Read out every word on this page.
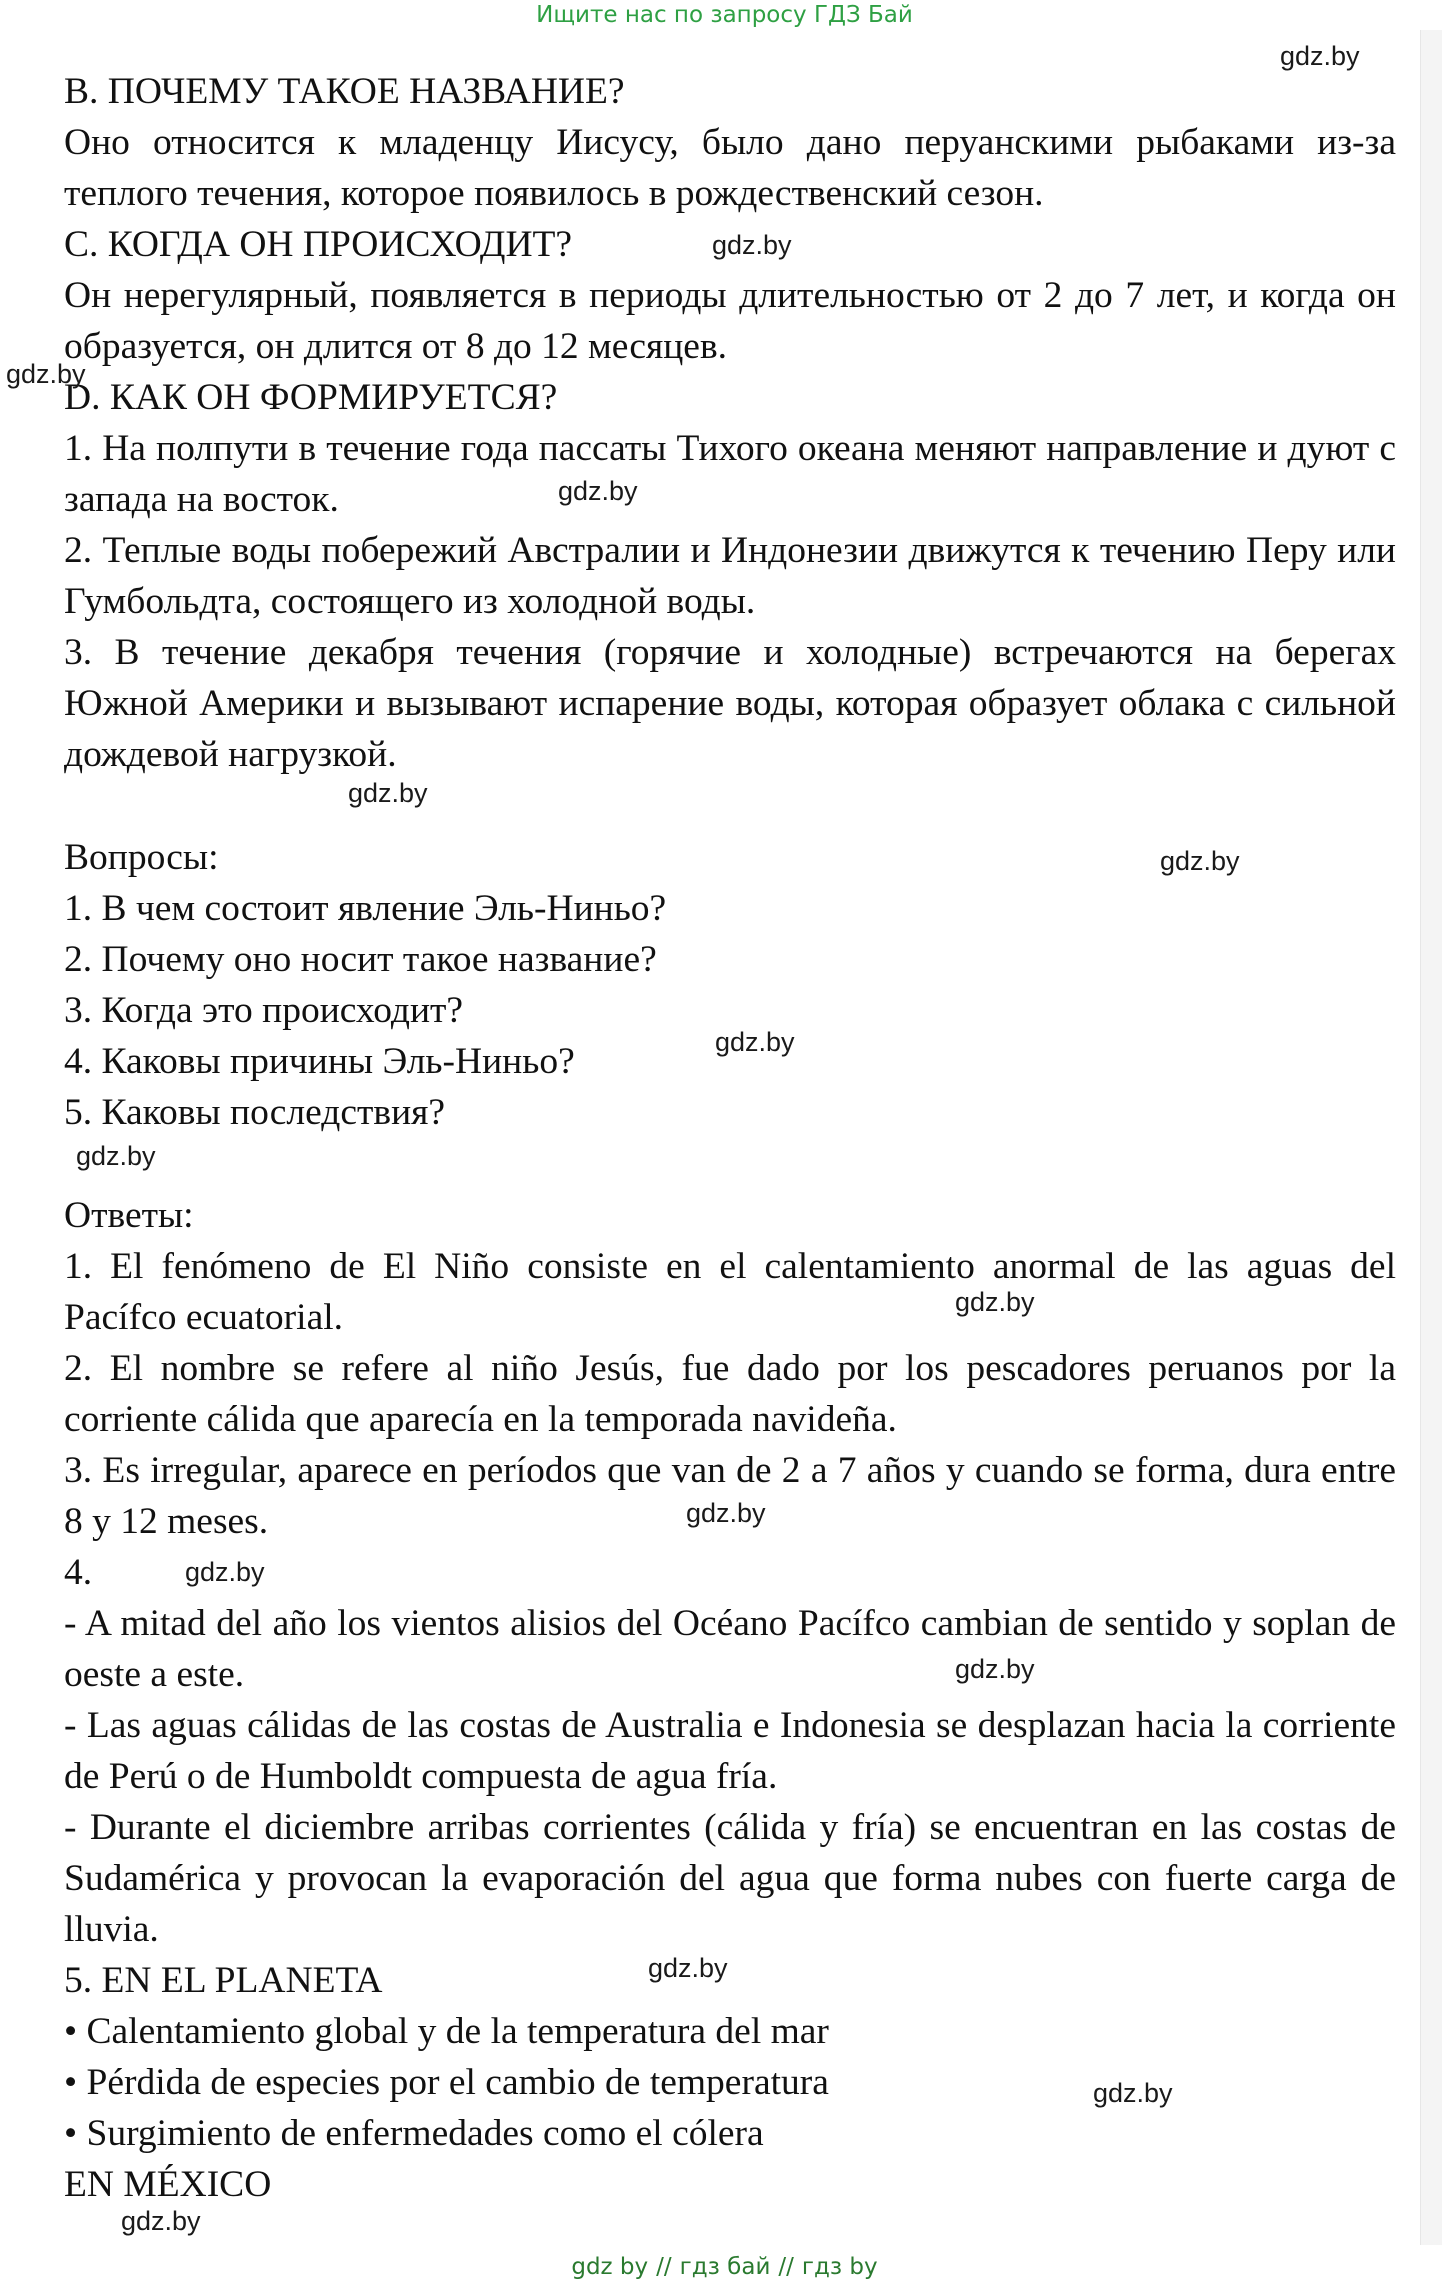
Ищите нас по запросу ГДЗ Бай

B. ПОЧЕМУ ТАКОЕ НАЗВАНИЕ?

Оно относится к младенцу Иисусу, было дано перуанскими рыбаками из-за теплого течения, которое появилось в рождественский сезон.

C. КОГДА ОН ПРОИСХОДИТ?

Он нерегулярный, появляется в периоды длительностью от 2 до 7 лет, и когда он образуется, он длится от 8 до 12 месяцев.

D. КАК ОН ФОРМИРУЕТСЯ?

1. На полпути в течение года пассаты Тихого океана меняют направление и дуют с запада на восток.

2. Теплые воды побережий Австралии и Индонезии движутся к течению Перу или Гумбольдта, состоящего из холодной воды.

3. В течение декабря течения (горячие и холодные) встречаются на берегах Южной Америки и вызывают испарение воды, которая образует облака с сильной дождевой нагрузкой.

Вопросы:

1. В чем состоит явление Эль-Ниньо?

2. Почему оно носит такое название?

3. Когда это происходит?

4. Каковы причины Эль-Ниньо?

5. Каковы последствия?

Ответы:

1. El fenómeno de El Niño consiste en el calentamiento anormal de las aguas del Pacífco ecuatorial.

2. El nombre se refere al niño Jesús, fue dado por los pescadores peruanos por la corriente cálida que aparecía en la temporada navideña.

3. Es irregular, aparece en períodos que van de 2 a 7 años y cuando se forma, dura entre 8 y 12 meses.

4.

- A mitad del año los vientos alisios del Océano Pacífco cambian de sentido y soplan de oeste a este.

- Las aguas cálidas de las costas de Australia e Indonesia se desplazan hacia la corriente de Perú o de Humboldt compuesta de agua fría.

- Durante el diciembre arribas corrientes (cálida y fría) se encuentran en las costas de Sudamérica y provocan la evaporación del agua que forma nubes con fuerte carga de lluvia.

5. EN EL PLANETA

• Calentamiento global y de la temperatura del mar

• Pérdida de especies por el cambio de temperatura

• Surgimiento de enfermedades como el cólera

EN MÉXICO

gdz.by
gdz.by
gdz.by
gdz.by
gdz.by
gdz.by
gdz.by
gdz.by
gdz.by
gdz.by
gdz.by
gdz.by
gdz.by
gdz.by
gdz.by
gdz by // гдз бай // гдз by
